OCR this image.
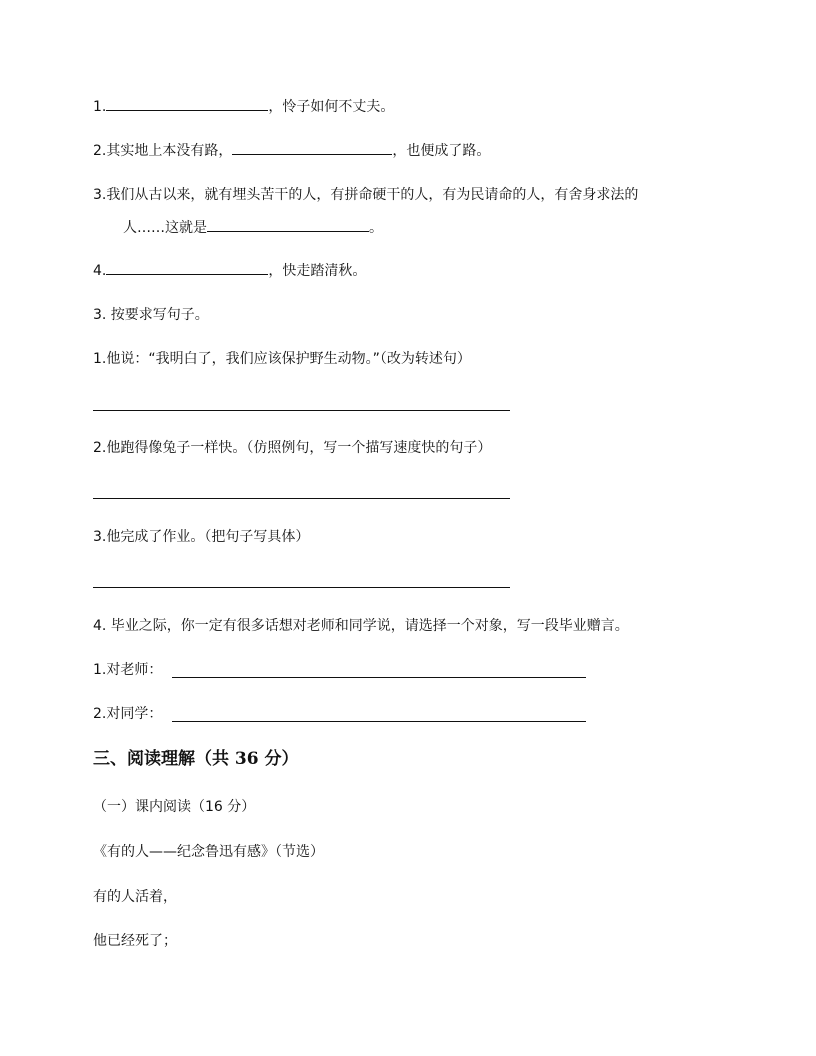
1.	，怜子如何不丈夫。
2.其实地上本没有路，	，也便成了路。
3.我们从古以来，就有埋头苦干的人，有拼命硬干的人，有为民请命的人，有舍身求法的
人……这就是	。
4.	，快走踏清秋。
3. 按要求写句子。
1.他说：“我明白了，我们应该保护野生动物。”（改为转述句）
2.他跑得像兔子一样快。（仿照例句，写一个描写速度快的句子）
3.他完成了作业。（把句子写具体）
4. 毕业之际，你一定有很多话想对老师和同学说，请选择一个对象，写一段毕业赠言。
1.对老师：
2.对同学：
三、阅读理解（共 36 分）
（一）课内阅读（16 分）
《有的人——纪念鲁迅有感》（节选）
有的人活着，
他已经死了；
